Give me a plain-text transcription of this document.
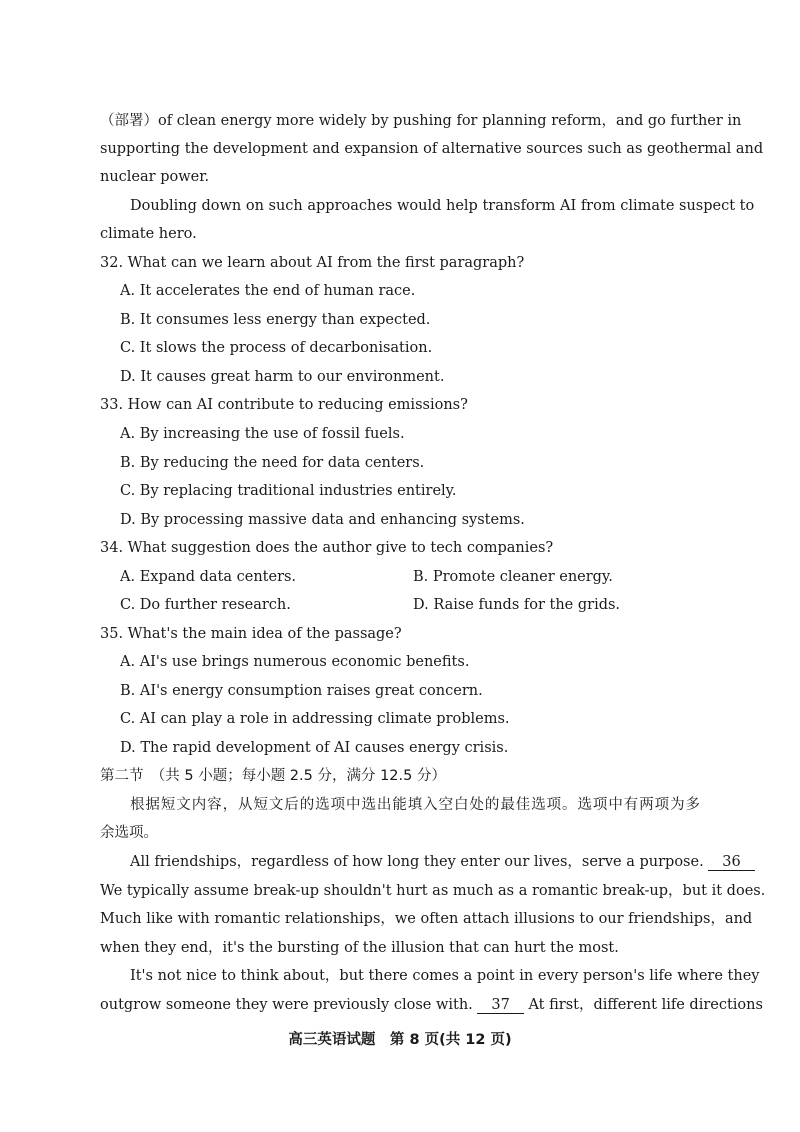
（部署）of clean energy more widely by pushing for planning reform，and go further in
supporting the development and expansion of alternative sources such as geothermal and
nuclear power.
Doubling down on such approaches would help transform AI from climate suspect to
climate hero.
32. What can we learn about AI from the first paragraph?
A. It accelerates the end of human race.
B. It consumes less energy than expected.
C. It slows the process of decarbonisation.
D. It causes great harm to our environment.
33. How can AI contribute to reducing emissions?
A. By increasing the use of fossil fuels.
B. By reducing the need for data centers.
C. By replacing traditional industries entirely.
D. By processing massive data and enhancing systems.
34. What suggestion does the author give to tech companies?
A. Expand data centers.	B. Promote cleaner energy.
C. Do further research.	D. Raise funds for the grids.
35. What's the main idea of the passage?
A. AI's use brings numerous economic benefits.
B. AI's energy consumption raises great concern.
C. AI can play a role in addressing climate problems.
D. The rapid development of AI causes energy crisis.
第二节　（共 5 小题；每小题 2.5 分，满分 12.5 分）
根据短文内容，从短文后的选项中选出能填入空白处的最佳选项。选项中有两项为多
余选项。
All friendships，regardless of how long they enter our lives，serve a purpose. 36
We typically assume break-up shouldn't hurt as much as a romantic break-up，but it does.
Much like with romantic relationships，we often attach illusions to our friendships，and
when they end，it's the bursting of the illusion that can hurt the most.
It's not nice to think about，but there comes a point in every person's life where they
outgrow someone they were previously close with. 37 At first，different life directions
高三英语试题　第 8 页(共 12 页)
